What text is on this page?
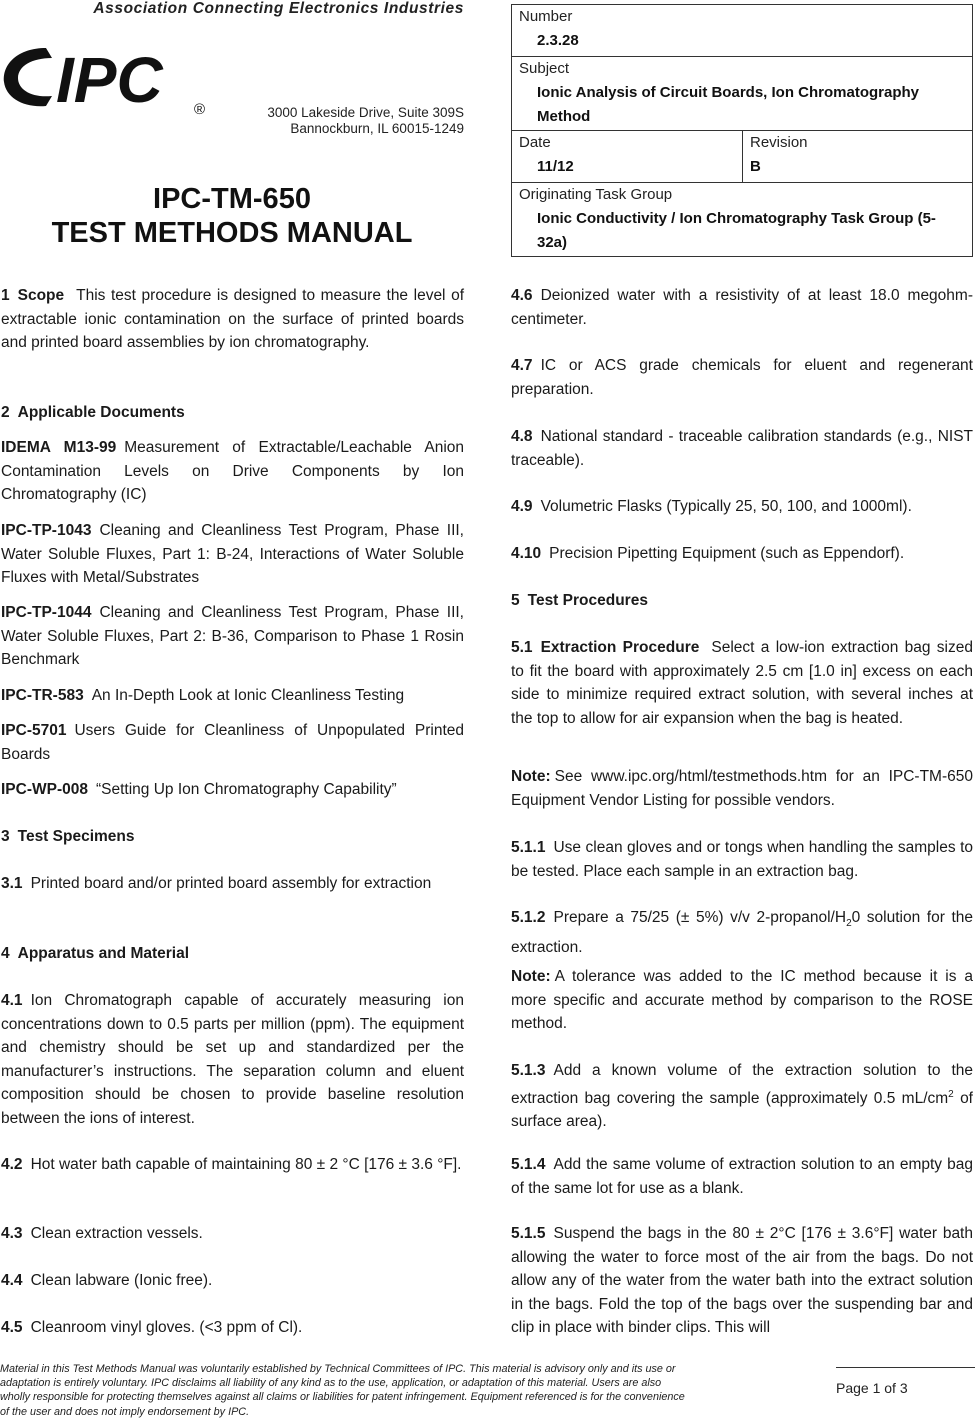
Association Connecting Electronics Industries
IPC ®	3000 Lakeside Drive, Suite 309S
Bannockburn, IL 60015-1249
IPC-TM-650
TEST METHODS MANUAL
Number
2.3.28
Subject
Ionic Analysis of Circuit Boards, Ion Chromatography Method
Date
11/12
Revision
B
Originating Task Group
Ionic Conductivity / Ion Chromatography Task Group (5-32a)

1 Scope This test procedure is designed to measure the level of extractable ionic contamination on the surface of printed boards and printed board assemblies by ion chromatography.

2 Applicable Documents

IDEMA M13-99 Measurement of Extractable/Leachable Anion Contamination Levels on Drive Components by Ion Chromatography (IC)

IPC-TP-1043 Cleaning and Cleanliness Test Program, Phase III, Water Soluble Fluxes, Part 1: B-24, Interactions of Water Soluble Fluxes with Metal/Substrates

IPC-TP-1044 Cleaning and Cleanliness Test Program, Phase III, Water Soluble Fluxes, Part 2: B-36, Comparison to Phase 1 Rosin Benchmark

IPC-TR-583 An In-Depth Look at Ionic Cleanliness Testing

IPC-5701 Users Guide for Cleanliness of Unpopulated Printed Boards

IPC-WP-008 “Setting Up Ion Chromatography Capability”

3 Test Specimens

3.1 Printed board and/or printed board assembly for extraction

4 Apparatus and Material

4.1 Ion Chromatograph capable of accurately measuring ion concentrations down to 0.5 parts per million (ppm). The equipment and chemistry should be set up and standardized per the manufacturer’s instructions. The separation column and eluent composition should be chosen to provide baseline resolution between the ions of interest.

4.2 Hot water bath capable of maintaining 80 ± 2 °C [176 ± 3.6 °F].

4.3 Clean extraction vessels.

4.4 Clean labware (Ionic free).

4.5 Cleanroom vinyl gloves. (<3 ppm of Cl).

4.6 Deionized water with a resistivity of at least 18.0 megohm-centimeter.

4.7 IC or ACS grade chemicals for eluent and regenerant preparation.

4.8 National standard - traceable calibration standards (e.g., NIST traceable).

4.9 Volumetric Flasks (Typically 25, 50, 100, and 1000ml).

4.10 Precision Pipetting Equipment (such as Eppendorf).

5 Test Procedures

5.1 Extraction Procedure Select a low-ion extraction bag sized to fit the board with approximately 2.5 cm [1.0 in] excess on each side to minimize required extract solution, with several inches at the top to allow for air expansion when the bag is heated.

Note: See www.ipc.org/html/testmethods.htm for an IPC-TM-650 Equipment Vendor Listing for possible vendors.

5.1.1 Use clean gloves and or tongs when handling the samples to be tested. Place each sample in an extraction bag.

5.1.2 Prepare a 75/25 (± 5%) v/v $2-propanol/H_20$ solution for the extraction.

Note: A tolerance was added to the IC method because it is a more specific and accurate method by comparison to the ROSE method.

5.1.3 Add a known volume of the extraction solution to the extraction bag covering the sample (approximately 0.5 $mL/cm^2$ of surface area).

5.1.4 Add the same volume of extraction solution to an empty bag of the same lot for use as a blank.

5.1.5 Suspend the bags in the 80 ± 2°C [176 ± 3.6°F] water bath allowing the water to force most of the air from the bags. Do not allow any of the water from the water bath into the extract solution in the bags. Fold the top of the bags over the suspending bar and clip in place with binder clips. This will

Material in this Test Methods Manual was voluntarily established by Technical Committees of IPC. This material is advisory only and its use or adaptation is entirely voluntary. IPC disclaims all liability of any kind as to the use, application, or adaptation of this material. Users are also wholly responsible for protecting themselves against all claims or liabilities for patent infringement. Equipment referenced is for the convenience of the user and does not imply endorsement by IPC.
Page 1 of 3
